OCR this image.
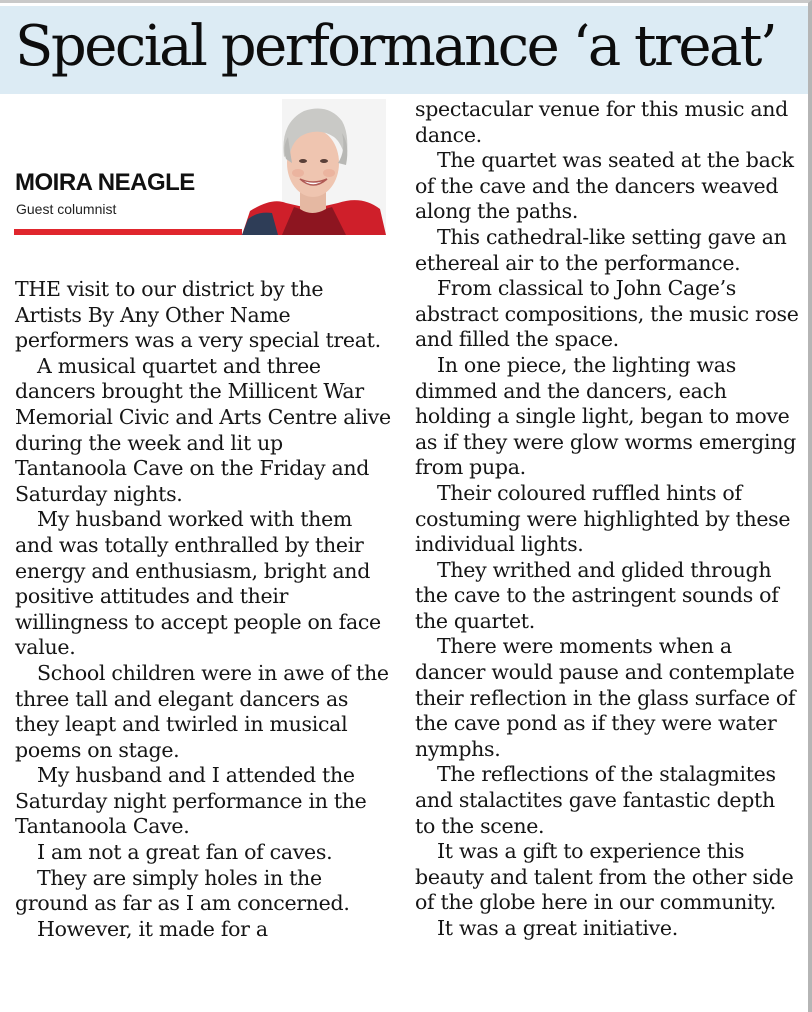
Special performance ‘a treat’
MOIRA NEAGLE
Guest columnist

THE visit to our district by the Artists By Any Other Name performers was a very special treat.

A musical quartet and three dancers brought the Millicent War Memorial Civic and Arts Centre alive during the week and lit up Tantanoola Cave on the Friday and Saturday nights.

My husband worked with them and was totally enthralled by their energy and enthusiasm, bright and positive attitudes and their willingness to accept people on face value.

School children were in awe of the three tall and elegant dancers as they leapt and twirled in musical poems on stage.

My husband and I attended the Saturday night performance in the Tantanoola Cave.

I am not a great fan of caves.

They are simply holes in the ground as far as I am concerned.

However, it made for a

spectacular venue for this music and dance.

The quartet was seated at the back of the cave and the dancers weaved along the paths.

This cathedral-like setting gave an ethereal air to the performance.

From classical to John Cage’s abstract compositions, the music rose and filled the space.

In one piece, the lighting was dimmed and the dancers, each holding a single light, began to move as if they were glow worms emerging from pupa.

Their coloured ruffled hints of costuming were highlighted by these individual lights.

They writhed and glided through the cave to the astringent sounds of the quartet.

There were moments when a dancer would pause and contemplate their reflection in the glass surface of the cave pond as if they were water nymphs.

The reflections of the stalagmites and stalactites gave fantastic depth to the scene.

It was a gift to experience this beauty and talent from the other side of the globe here in our community.

It was a great initiative.
